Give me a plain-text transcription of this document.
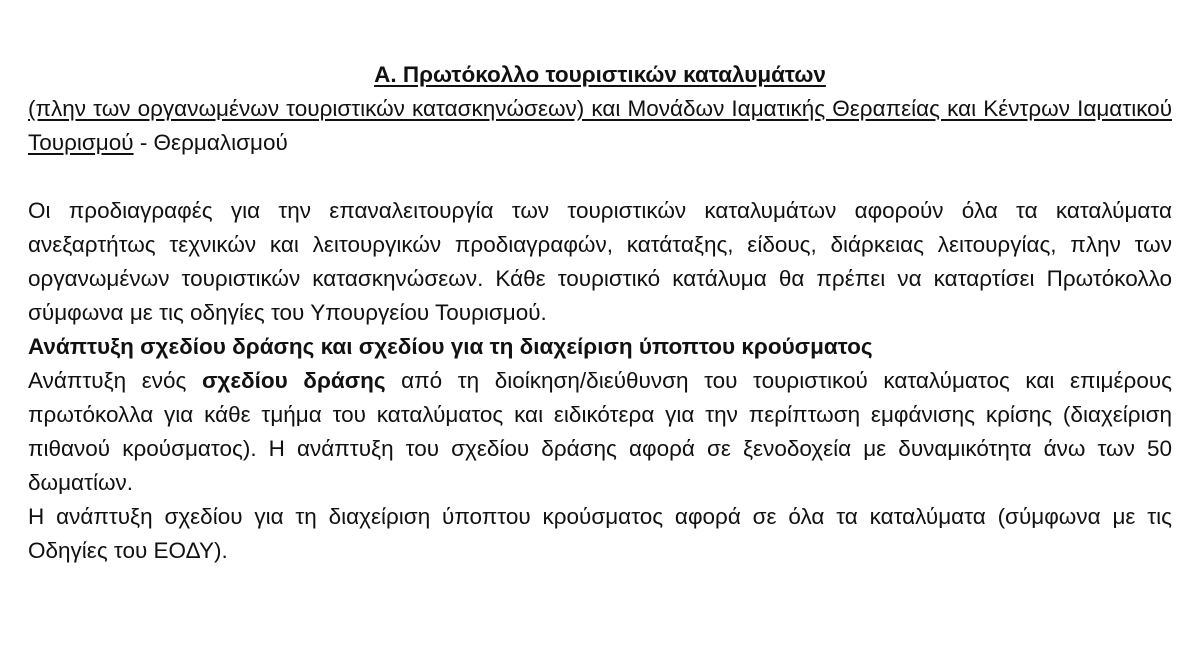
Α. Πρωτόκολλο τουριστικών καταλυμάτων

(πλην των οργανωμένων τουριστικών κατασκηνώσεων) και Μονάδων Ιαματικής Θεραπείας και Κέντρων Ιαματικού Τουρισμού - Θερμαλισμού

Οι προδιαγραφές για την επαναλειτουργία των τουριστικών καταλυμάτων αφορούν όλα τα καταλύματα ανεξαρτήτως τεχνικών και λειτουργικών προδιαγραφών, κατάταξης, είδους, διάρκειας λειτουργίας, πλην των οργανωμένων τουριστικών κατασκηνώσεων. Κάθε τουριστικό κατάλυμα θα πρέπει να καταρτίσει Πρωτόκολλο σύμφωνα με τις οδηγίες του Υπουργείου Τουρισμού.

Ανάπτυξη σχεδίου δράσης και σχεδίου για τη διαχείριση ύποπτου κρούσματος

Ανάπτυξη ενός σχεδίου δράσης από τη διοίκηση/διεύθυνση του τουριστικού καταλύματος και επιμέρους πρωτόκολλα για κάθε τμήμα του καταλύματος και ειδικότερα για την περίπτωση εμφάνισης κρίσης (διαχείριση πιθανού κρούσματος). Η ανάπτυξη του σχεδίου δράσης αφορά σε ξενοδοχεία με δυναμικότητα άνω των 50 δωματίων.

Η ανάπτυξη σχεδίου για τη διαχείριση ύποπτου κρούσματος αφορά σε όλα τα καταλύματα (σύμφωνα με τις Οδηγίες του ΕΟΔΥ).
